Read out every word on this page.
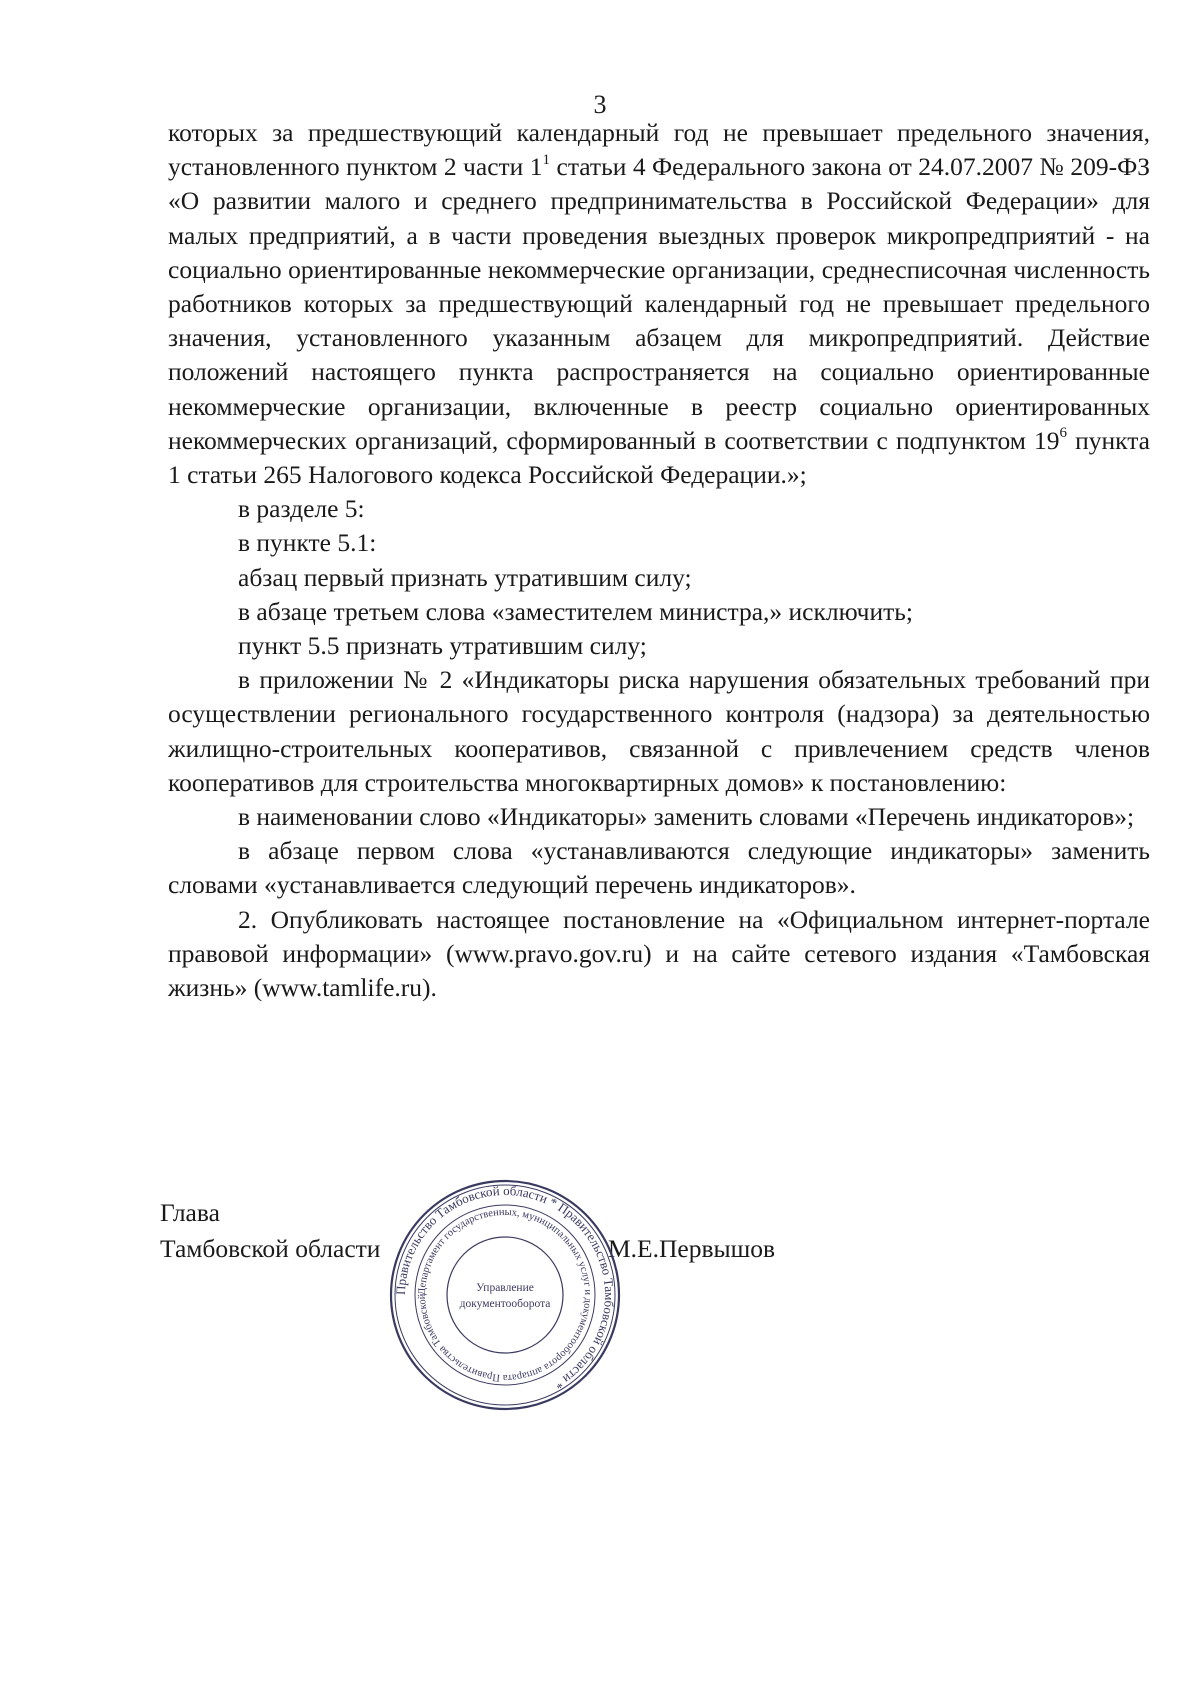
3

которых за предшествующий календарный год не превышает предельного значения, установленного пунктом 2 части $1^1$ статьи 4 Федерального закона от 24.07.2007 № 209-ФЗ «О развитии малого и среднего предпринимательства в Российской Федерации» для малых предприятий, а в части проведения выездных проверок микропредприятий - на социально ориентированные некоммерческие организации, среднесписочная численность работников которых за предшествующий календарный год не превышает предельного значения, установленного указанным абзацем для микропредприятий. Действие положений настоящего пункта распространяется на социально ориентированные некоммерческие организации, включенные в реестр социально ориентированных некоммерческих организаций, сформированный в соответствии с подпунктом $19^6$ пункта 1 статьи 265 Налогового кодекса Российской Федерации.»;

в разделе 5:

в пункте 5.1:

абзац первый признать утратившим силу;

в абзаце третьем слова «заместителем министра,» исключить;

пункт 5.5 признать утратившим силу;

в приложении № 2 «Индикаторы риска нарушения обязательных требований при осуществлении регионального государственного контроля (надзора) за деятельностью жилищно-строительных кооперативов, связанной с привлечением средств членов кооперативов для строительства многоквартирных домов» к постановлению:

в наименовании слово «Индикаторы» заменить словами «Перечень индикаторов»;

в абзаце первом слова «устанавливаются следующие индикаторы» заменить словами «устанавливается следующий перечень индикаторов».

2. Опубликовать настоящее постановление на «Официальном интернет-портале правовой информации» (www.pravo.gov.ru) и на сайте сетевого издания «Тамбовская жизнь» (www.tamlife.ru).

Глава
Тамбовской области	М.Е.Первышов
Правительство Тамбовской области * Правительство Тамбовской области *
Департамент государственных, муниципальных услуг и документооборота аппарата Правительства Тамбовской
Управление
документооборота
